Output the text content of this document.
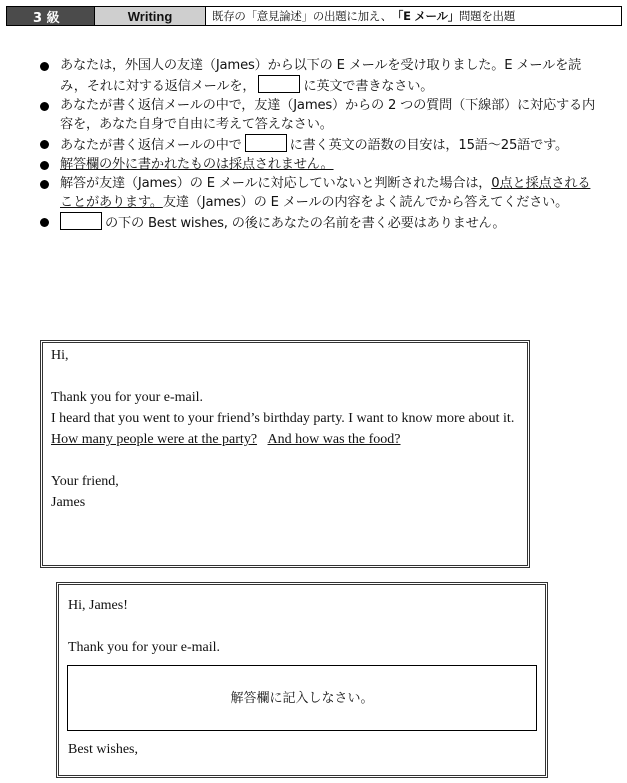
3 級	Writing	既存の「意見論述」の出題に加え、 「E メール」 問題を出題
あなたは，外国人の友達（James）から以下の E メールを受け取りました。E メールを読み，それに対する返信メールを，	に英文で書きなさい。
あなたが書く返信メールの中で，友達（James）からの 2 つの質問（下線部）に対応する内容を，あなた自身で自由に考えて答えなさい。
あなたが書く返信メールの中で	に書く英文の語数の目安は，15語～25語です。
解答欄の外に書かれたものは採点されません。
解答が友達（James）の E メールに対応していないと判断された場合は，0点と採点されることがあります。友達（James）の E メールの内容をよく読んでから答えてください。
の下の Best wishes, の後にあなたの名前を書く必要はありません。

Hi,

Thank you for your e-mail.

I heard that you went to your friend’s birthday party. I want to know more about it. How many people were at the party? And how was the food?

Your friend,

James

Hi, James!

Thank you for your e-mail.

解答欄に記入しなさい。

Best wishes,
